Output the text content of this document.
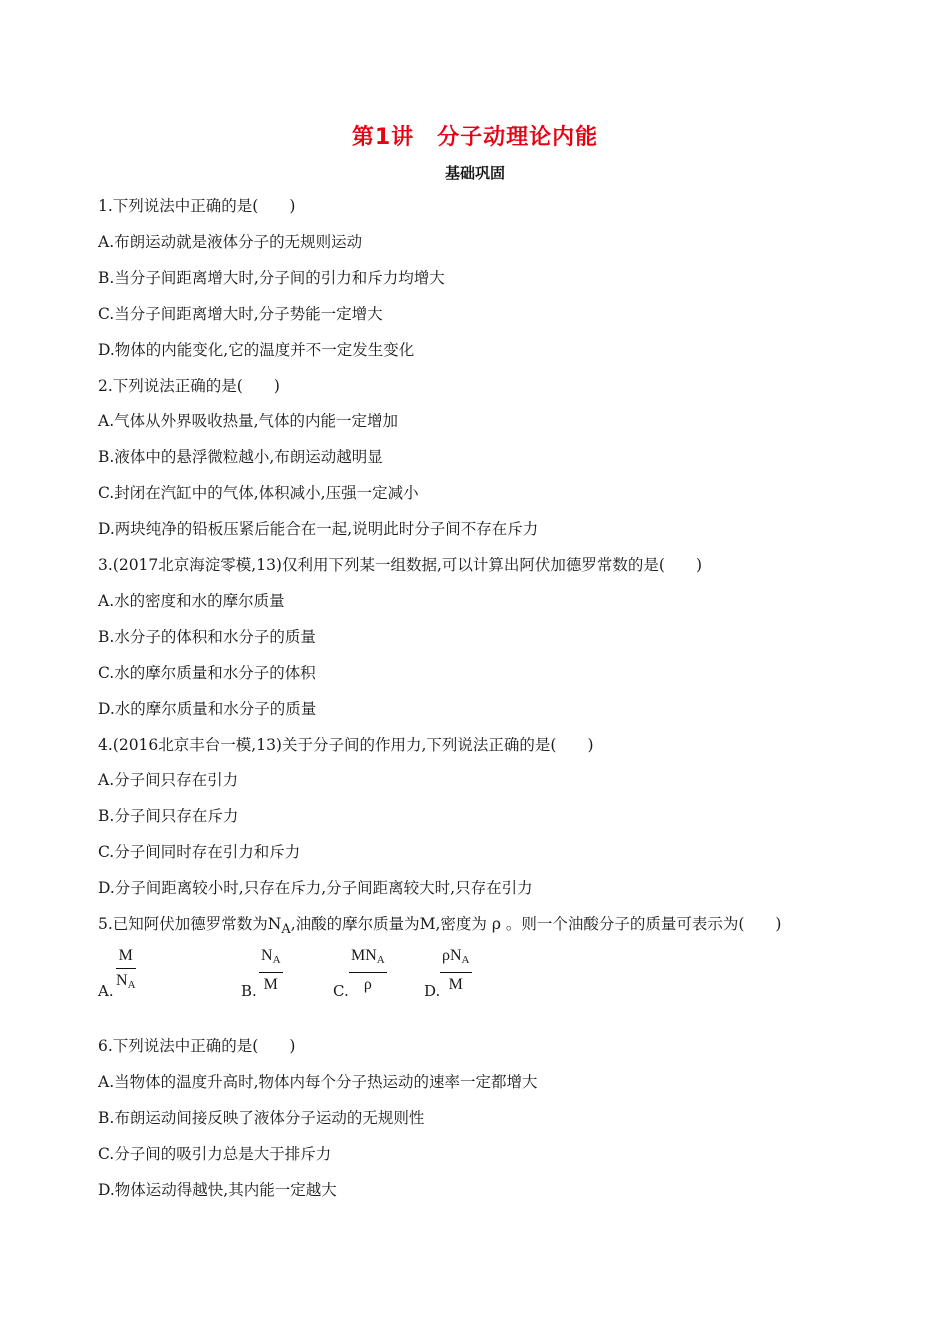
第1讲　分子动理论内能
基础巩固
1.下列说法中正确的是(　　)
A.布朗运动就是液体分子的无规则运动
B.当分子间距离增大时,分子间的引力和斥力均增大
C.当分子间距离增大时,分子势能一定增大
D.物体的内能变化,它的温度并不一定发生变化
2.下列说法正确的是(　　)
A.气体从外界吸收热量,气体的内能一定增加
B.液体中的悬浮微粒越小,布朗运动越明显
C.封闭在汽缸中的气体,体积减小,压强一定减小
D.两块纯净的铅板压紧后能合在一起,说明此时分子间不存在斥力
3.(2017北京海淀零模,13)仅利用下列某一组数据,可以计算出阿伏加德罗常数的是(　　)
A.水的密度和水的摩尔质量
B.水分子的体积和水分子的质量
C.水的摩尔质量和水分子的体积
D.水的摩尔质量和水分子的质量
4.(2016北京丰台一模,13)关于分子间的作用力,下列说法正确的是(　　)
A.分子间只存在引力
B.分子间只存在斥力
C.分子间同时存在引力和斥力
D.分子间距离较小时,只存在斥力,分子间距离较大时,只存在引力
5.已知阿伏加德罗常数为$N_A$,油酸的摩尔质量为M,密度为 ρ 。则一个油酸分子的质量可表示为(　　)
A. $\frac{M}{N_A}$	B. $\frac{N_A}{M}$	C.
$MN_A$
ρ	D.
$\rho N_A$
M
6.下列说法中正确的是(　　)
A.当物体的温度升高时,物体内每个分子热运动的速率一定都增大
B.布朗运动间接反映了液体分子运动的无规则性
C.分子间的吸引力总是大于排斥力
D.物体运动得越快,其内能一定越大
